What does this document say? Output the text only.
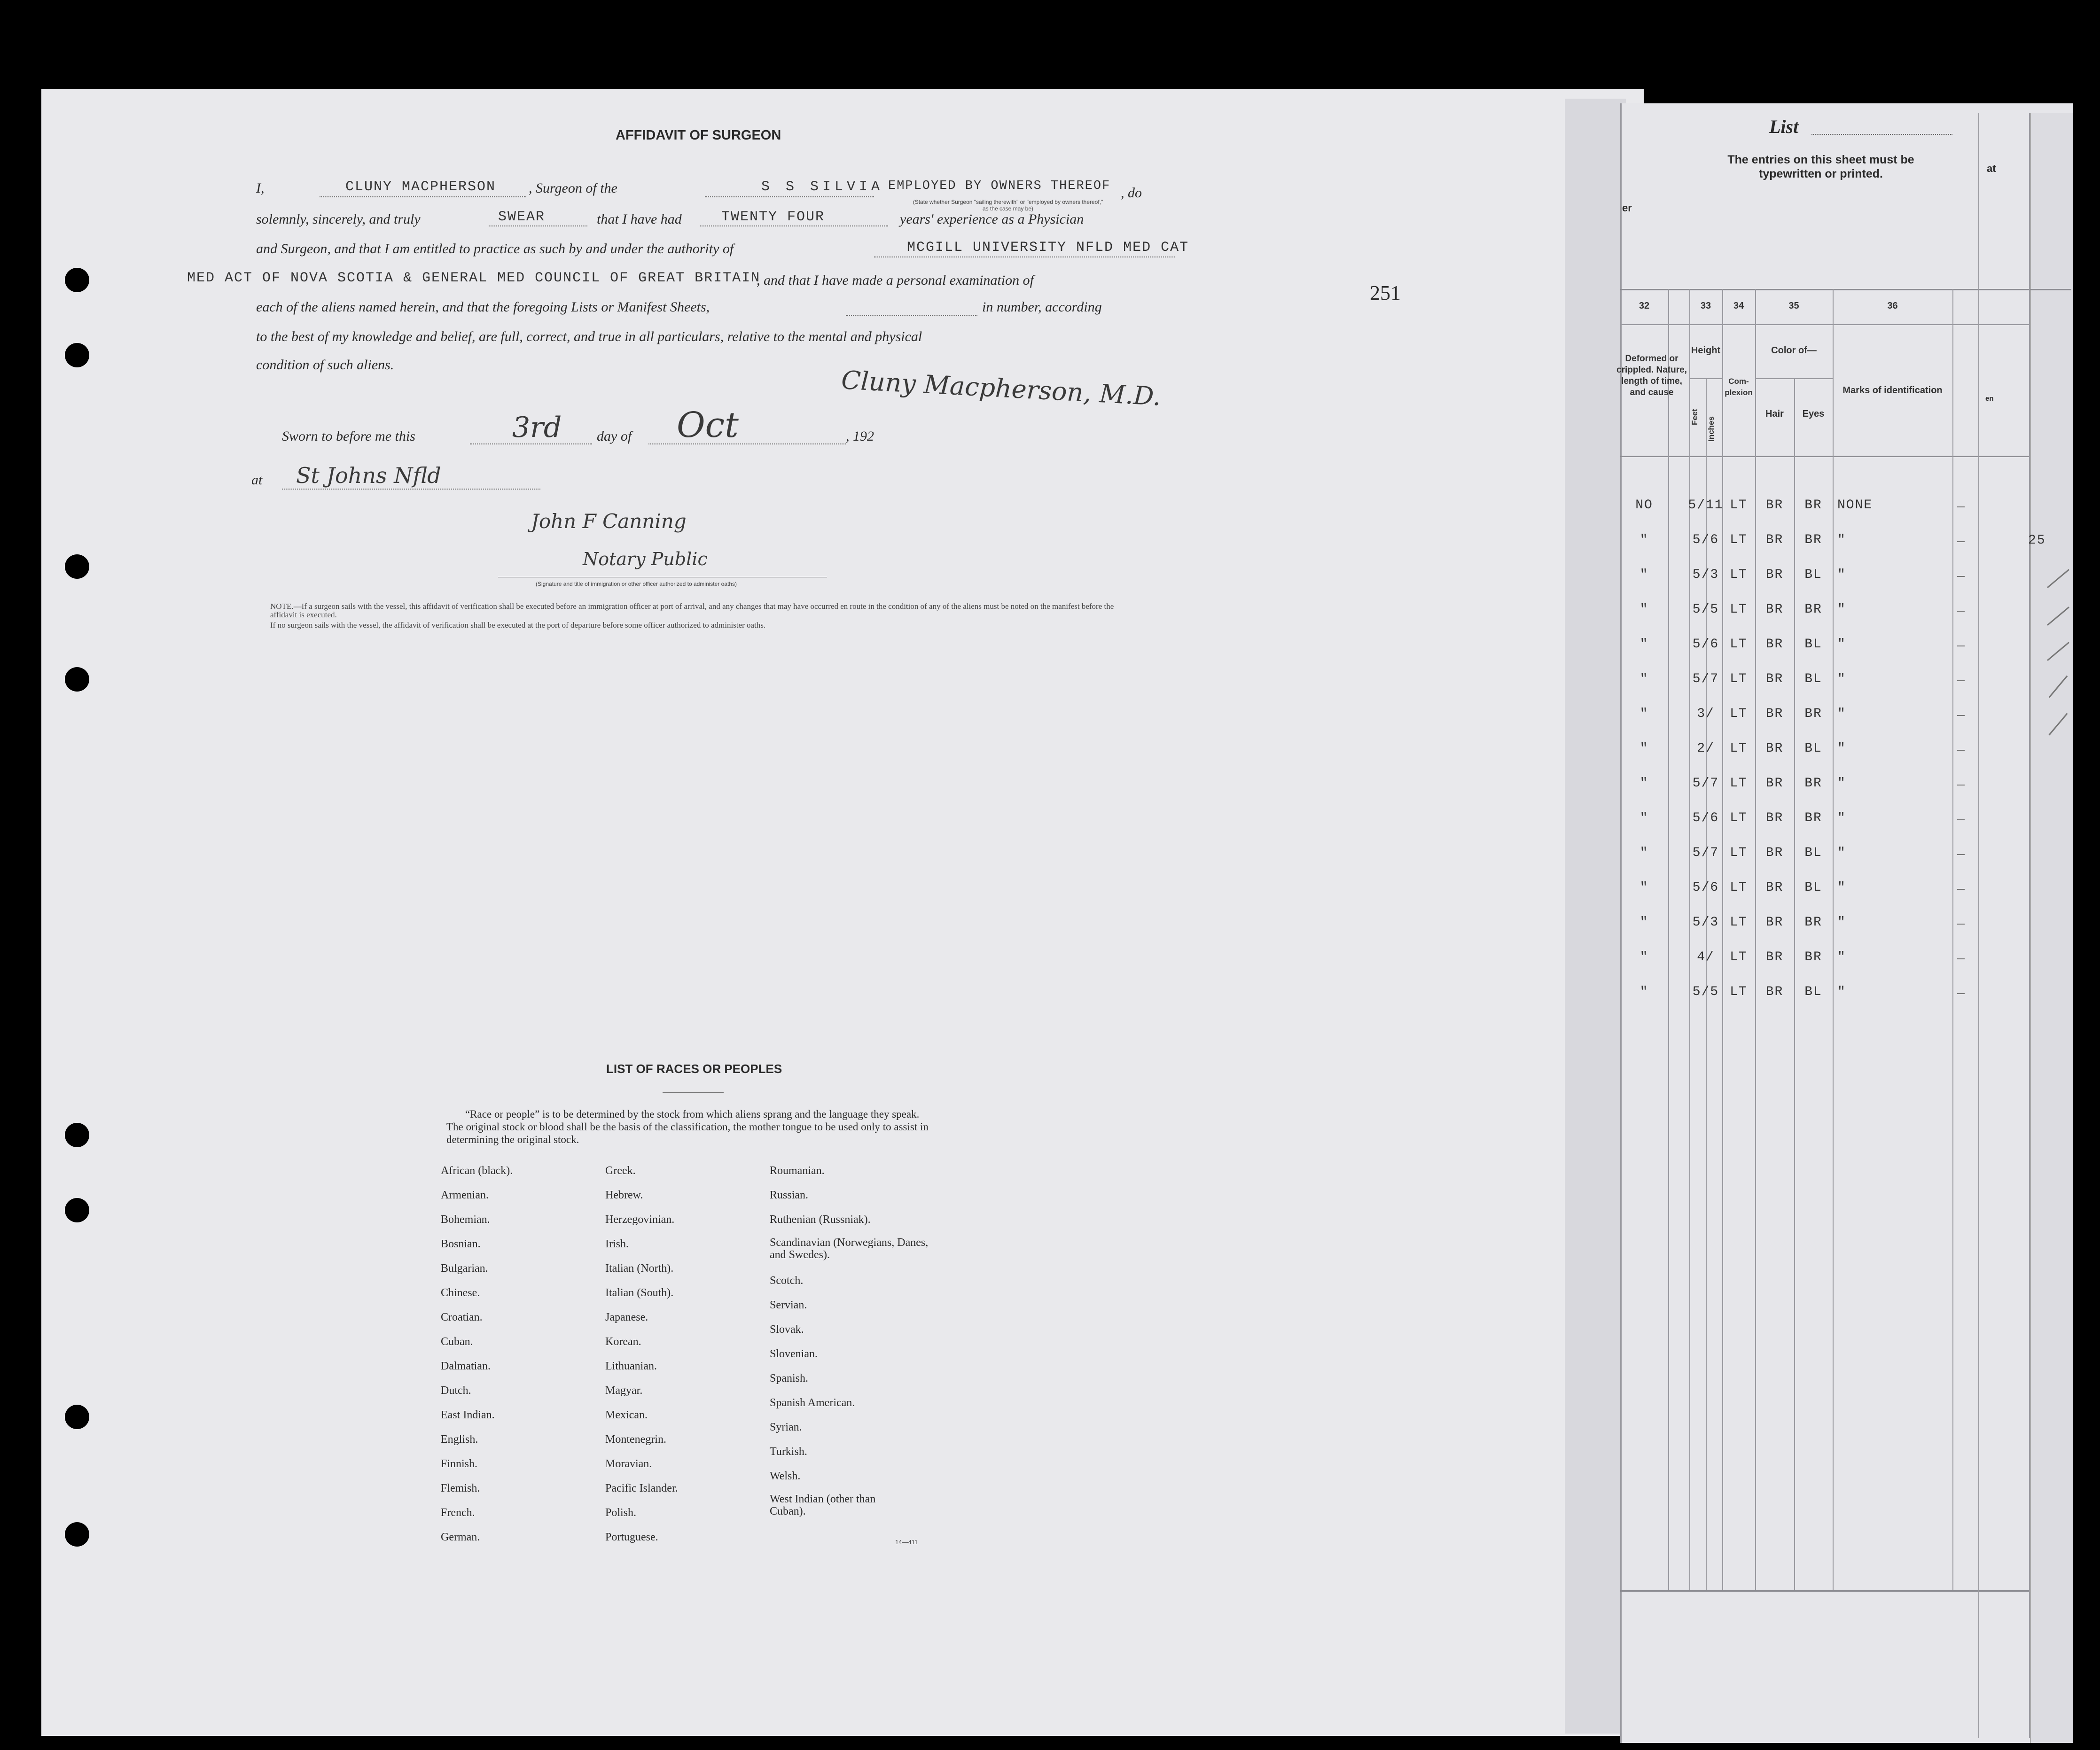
AFFIDAVIT OF SURGEON
I,	CLUNY MACPHERSON , Surgeon of the	S S SILVIA EMPLOYED BY OWNERS THEREOF , do
(State whether Surgeon "sailing therewith" or "employed by owners thereof," as the case may be)
solemnly, sincerely, and truly	SWEAR	that I have had	TWENTY FOUR	years' experience as a Physician
and Surgeon, and that I am entitled to practice as such by and under the authority of	MCGILL UNIVERSITY NFLD MED CAT
MED ACT OF NOVA SCOTIA & GENERAL MED COUNCIL OF GREAT BRITAIN
, and that I have made a personal examination of
each of the aliens named herein, and that the foregoing Lists or Manifest Sheets,	in number, according
to the best of my knowledge and belief, are full, correct, and true in all particulars, relative to the mental and physical
condition of such aliens.
Cluny Macpherson, M.D.
Sworn to before me this	3rd day of Oct	, 192
at St Johns Nfld
John F Canning
Notary Public
(Signature and title of immigration or other officer authorized to administer oaths)
NOTE.—If a surgeon sails with the vessel, this affidavit of verification shall be executed before an immigration officer at port of arrival, and any changes that may have occurred en route in the condition of any of the aliens must be noted on the manifest before the affidavit is executed.
If no surgeon sails with the vessel, the affidavit of verification shall be executed at the port of departure before some officer authorized to administer oaths.
251
LIST OF RACES OR PEOPLES
“Race or people” is to be determined by the stock from which aliens sprang and the language they speak. The original stock or blood shall be the basis of the classification, the mother tongue to be used only to assist in determining the original stock.
African (black).
Armenian.
Bohemian.
Bosnian.
Bulgarian.
Chinese.
Croatian.
Cuban.
Dalmatian.
Dutch.
East Indian.
English.
Finnish.
Flemish.
French.
German.
Greek.
Hebrew.
Herzegovinian.
Irish.
Italian (North).
Italian (South).
Japanese.
Korean.
Lithuanian.
Magyar.
Mexican.
Montenegrin.
Moravian.
Pacific Islander.
Polish.
Portuguese.
Roumanian.
Russian.
Ruthenian (Russniak).
Scandinavian (Norwegians, Danes, and Swedes).
Scotch.
Servian.
Slovak.
Slovenian.
Spanish.
Spanish American.
Syrian.
Turkish.
Welsh.
West Indian (other than Cuban).
14—411
List
The entries on this sheet must be typewritten or printed.	at
er
en
32	33	34	35	36
Deformed or crippled. Nature, length of time, and cause
Height
Feet Inches
Com-plexion
Color of—
Hair	Eyes
Marks of identification
NO	5/11 LT	BR	BR	NONE
"	5/6 LT	BR	BR	"
"	5/3 LT	BR	BL	"
"	5/5 LT	BR	BR	"
"	5/6 LT	BR	BL	"
"	5/7 LT	BR	BL	"
"	3/	LT	BR	BR	"
"	2/	LT	BR	BL	"
"	5/7 LT	BR	BR	"
"	5/6 LT	BR	BR	"
"	5/7 LT	BR	BL	"
"	5/6 LT	BR	BL	"
"	5/3 LT	BR	BR	"
"	4/	LT	BR	BR	"
"	5/5 LT	BR	BL	"
25
